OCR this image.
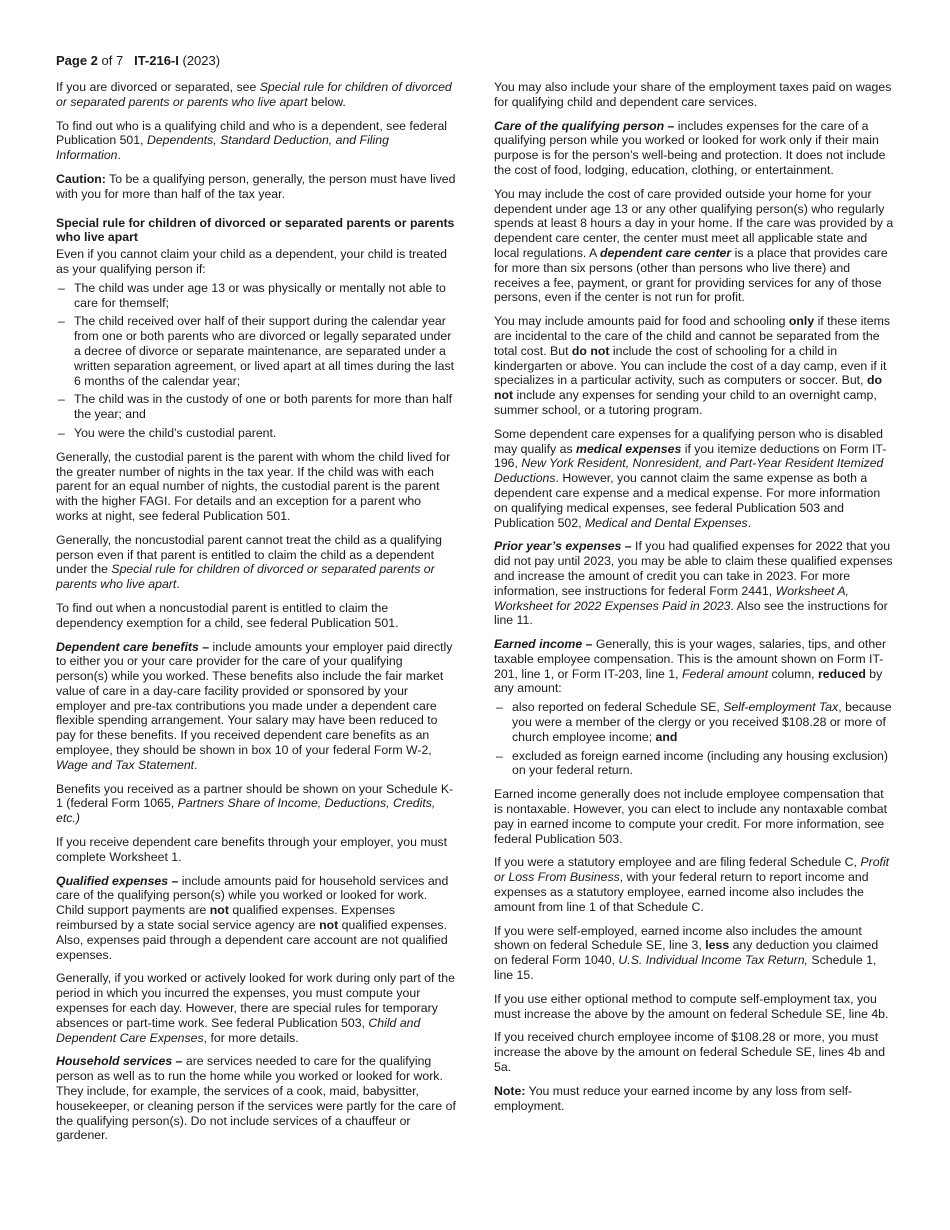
Page 2 of 7 IT-216-I (2023)

If you are divorced or separated, see Special rule for children of divorced or separated parents or parents who live apart below.

To find out who is a qualifying child and who is a dependent, see federal Publication 501, Dependents, Standard Deduction, and Filing Information.

Caution: To be a qualifying person, generally, the person must have lived with you for more than half of the tax year.

Special rule for children of divorced or separated parents or parents who live apart

Even if you cannot claim your child as a dependent, your child is treated as your qualifying person if:

– The child was under age 13 or was physically or mentally not able to care for themself;
– The child received over half of their support during the calendar year from one or both parents who are divorced or legally separated under a decree of divorce or separate maintenance, are separated under a written separation agreement, or lived apart at all times during the last 6 months of the calendar year;
– The child was in the custody of one or both parents for more than half the year; and
– You were the child’s custodial parent.

Generally, the custodial parent is the parent with whom the child lived for the greater number of nights in the tax year. If the child was with each parent for an equal number of nights, the custodial parent is the parent with the higher FAGI. For details and an exception for a parent who works at night, see federal Publication 501.

Generally, the noncustodial parent cannot treat the child as a qualifying person even if that parent is entitled to claim the child as a dependent under the Special rule for children of divorced or separated parents or parents who live apart.

To find out when a noncustodial parent is entitled to claim the dependency exemption for a child, see federal Publication 501.

Dependent care benefits – include amounts your employer paid directly to either you or your care provider for the care of your qualifying person(s) while you worked. These benefits also include the fair market value of care in a day-care facility provided or sponsored by your employer and pre-tax contributions you made under a dependent care flexible spending arrangement. Your salary may have been reduced to pay for these benefits. If you received dependent care benefits as an employee, they should be shown in box 10 of your federal Form W-2, Wage and Tax Statement.

Benefits you received as a partner should be shown on your Schedule K-1 (federal Form 1065, Partners Share of Income, Deductions, Credits, etc.)

If you receive dependent care benefits through your employer, you must complete Worksheet 1.

Qualified expenses – include amounts paid for household services and care of the qualifying person(s) while you worked or looked for work. Child support payments are not qualified expenses. Expenses reimbursed by a state social service agency are not qualified expenses. Also, expenses paid through a dependent care account are not qualified expenses.

Generally, if you worked or actively looked for work during only part of the period in which you incurred the expenses, you must compute your expenses for each day. However, there are special rules for temporary absences or part-time work. See federal Publication 503, Child and Dependent Care Expenses, for more details.

Household services – are services needed to care for the qualifying person as well as to run the home while you worked or looked for work. They include, for example, the services of a cook, maid, babysitter, housekeeper, or cleaning person if the services were partly for the care of the qualifying person(s). Do not include services of a chauffeur or gardener.

You may also include your share of the employment taxes paid on wages for qualifying child and dependent care services.

Care of the qualifying person – includes expenses for the care of a qualifying person while you worked or looked for work only if their main purpose is for the person’s well-being and protection. It does not include the cost of food, lodging, education, clothing, or entertainment.

You may include the cost of care provided outside your home for your dependent under age 13 or any other qualifying person(s) who regularly spends at least 8 hours a day in your home. If the care was provided by a dependent care center, the center must meet all applicable state and local regulations. A dependent care center is a place that provides care for more than six persons (other than persons who live there) and receives a fee, payment, or grant for providing services for any of those persons, even if the center is not run for profit.

You may include amounts paid for food and schooling only if these items are incidental to the care of the child and cannot be separated from the total cost. But do not include the cost of schooling for a child in kindergarten or above. You can include the cost of a day camp, even if it specializes in a particular activity, such as computers or soccer. But, do not include any expenses for sending your child to an overnight camp, summer school, or a tutoring program.

Some dependent care expenses for a qualifying person who is disabled may qualify as medical expenses if you itemize deductions on Form IT-196, New York Resident, Nonresident, and Part-Year Resident Itemized Deductions. However, you cannot claim the same expense as both a dependent care expense and a medical expense. For more information on qualifying medical expenses, see federal Publication 503 and Publication 502, Medical and Dental Expenses.

Prior year’s expenses – If you had qualified expenses for 2022 that you did not pay until 2023, you may be able to claim these qualified expenses and increase the amount of credit you can take in 2023. For more information, see instructions for federal Form 2441, Worksheet A, Worksheet for 2022 Expenses Paid in 2023. Also see the instructions for line 11.

Earned income – Generally, this is your wages, salaries, tips, and other taxable employee compensation. This is the amount shown on Form IT-201, line 1, or Form IT-203, line 1, Federal amount column, reduced by any amount:

– also reported on federal Schedule SE, Self-employment Tax, because you were a member of the clergy or you received $108.28 or more of church employee income; and
– excluded as foreign earned income (including any housing exclusion) on your federal return.

Earned income generally does not include employee compensation that is nontaxable. However, you can elect to include any nontaxable combat pay in earned income to compute your credit. For more information, see federal Publication 503.

If you were a statutory employee and are filing federal Schedule C, Profit or Loss From Business, with your federal return to report income and expenses as a statutory employee, earned income also includes the amount from line 1 of that Schedule C.

If you were self-employed, earned income also includes the amount shown on federal Schedule SE, line 3, less any deduction you claimed on federal Form 1040, U.S. Individual Income Tax Return, Schedule 1, line 15.

If you use either optional method to compute self-employment tax, you must increase the above by the amount on federal Schedule SE, line 4b.

If you received church employee income of $108.28 or more, you must increase the above by the amount on federal Schedule SE, lines 4b and 5a.

Note: You must reduce your earned income by any loss from self-employment.
